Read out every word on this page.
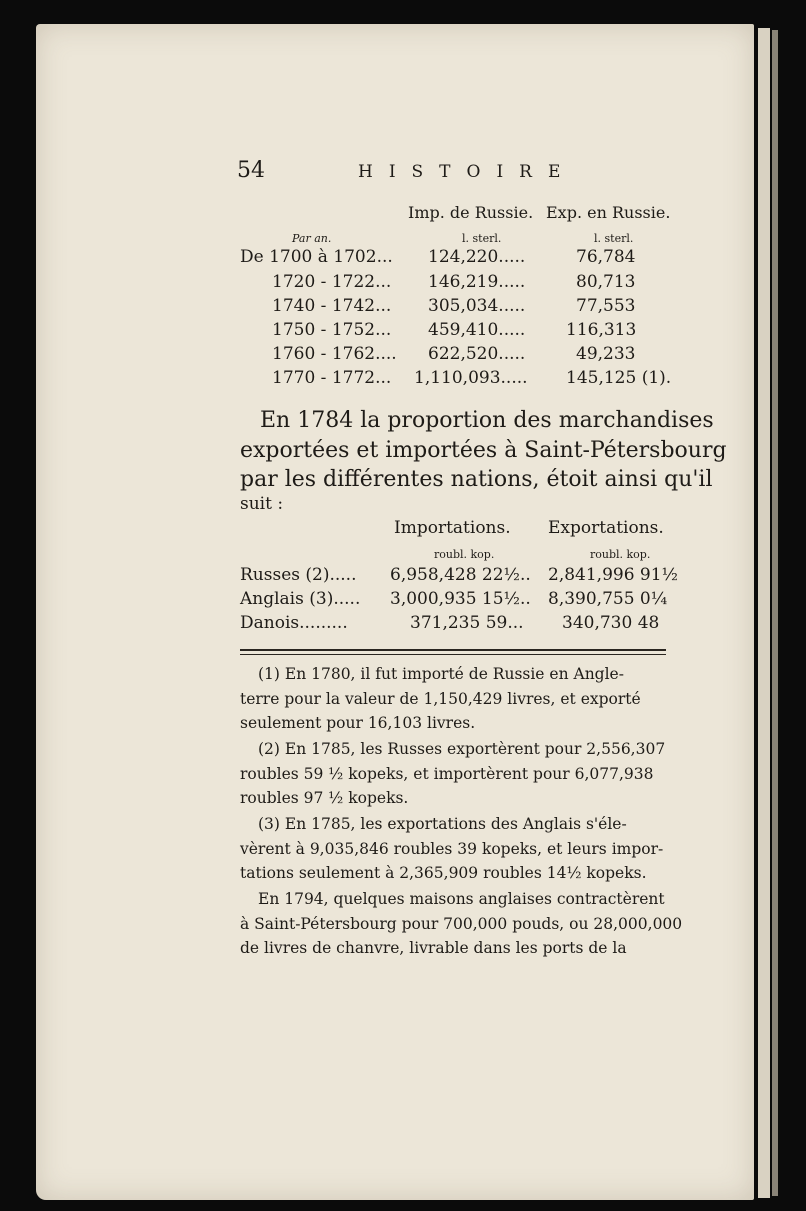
54	HISTOIRE
Imp. de Russie. Exp. en Russie.
Par an.	l. sterl.	l. sterl.
De 1700 à 1702... 124,220.....	76,784
1720 - 1722... 146,219.....	80,713
1740 - 1742... 305,034.....	77,553
1750 - 1752... 459,410..... 116,313
1760 - 1762.... 622,520.....	49,233
1770 - 1772... 1,110,093..... 145,125 (1).
En 1784 la proportion des marchandises
exportées et importées à Saint-Pétersbourg
par les différentes nations, étoit ainsi qu'il
suit :
Importations. Exportations.
roubl. kop.	roubl. kop.
Russes (2)..... 6,958,428 22½.. 2,841,996 91½
Anglais (3)..... 3,000,935 15½.. 8,390,755 0¼
Danois.........	371,235 59... 340,730 48
(1) En 1780, il fut importé de Russie en Angle-
terre pour la valeur de 1,150,429 livres, et exporté
seulement pour 16,103 livres.
(2) En 1785, les Russes exportèrent pour 2,556,307
roubles 59 ½ kopeks, et importèrent pour 6,077,938
roubles 97 ½ kopeks.
(3) En 1785, les exportations des Anglais s'éle-
vèrent à 9,035,846 roubles 39 kopeks, et leurs impor-
tations seulement à 2,365,909 roubles 14½ kopeks.
En 1794, quelques maisons anglaises contractèrent
à Saint-Pétersbourg pour 700,000 pouds, ou 28,000,000
de livres de chanvre, livrable dans les ports de la
